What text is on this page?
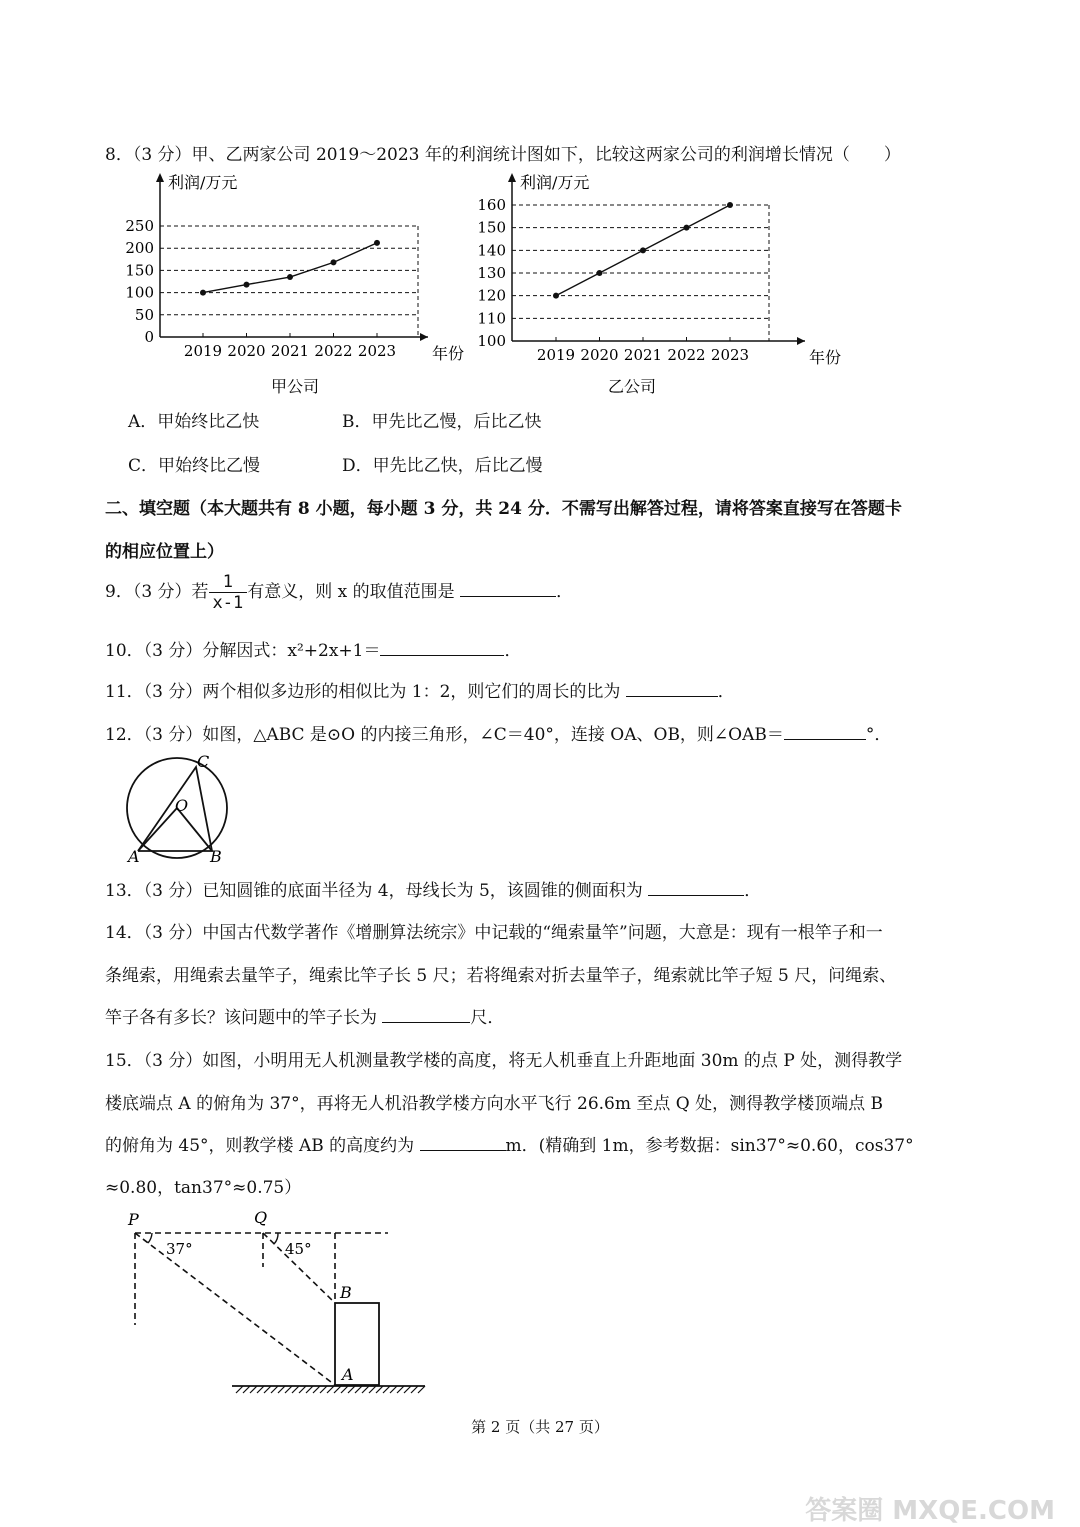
8．（3 分）甲、乙两家公司 2019～2023 年的利润统计图如下，比较这两家公司的利润增长情况（　　）
0
50
100
150
200
250
2019 2020 2021 2022 2023
利润/万元
年份
甲公司
100
110
120
130
140
150
160
2019 2020 2021 2022 2023
利润/万元
年份
乙公司
A．甲始终比乙快	B．甲先比乙慢，后比乙快
C．甲始终比乙慢	D．甲先比乙快，后比乙慢
二、填空题（本大题共有 8 小题，每小题 3 分，共 24 分．不需写出解答过程，请将答案直接写在答题卡
的相应位置上）
9．（3 分）若 $\frac{1}{x-1}$ 有意义，则 x 的取值范围是	．
10．（3 分）分解因式：x²+2x+1＝	．
11．（3 分）两个相似多边形的相似比为 1：2，则它们的周长的比为	．
12．（3 分）如图，△ABC 是⊙O 的内接三角形，∠C＝40°，连接 OA、OB，则∠OAB＝	°．
C
O
A	B
13．（3 分）已知圆锥的底面半径为 4，母线长为 5，该圆锥的侧面积为	．
14．（3 分）中国古代数学著作《增删算法统宗》中记载的“绳索量竿”问题，大意是：现有一根竿子和一
条绳索，用绳索去量竿子，绳索比竿子长 5 尺；若将绳索对折去量竿子，绳索就比竿子短 5 尺，问绳索、
竿子各有多长？该问题中的竿子长为	尺．
15．（3 分）如图，小明用无人机测量教学楼的高度，将无人机垂直上升距地面 30m 的点 P 处，测得教学
楼底端点 A 的俯角为 37°，再将无人机沿教学楼方向水平飞行 26.6m 至点 Q 处，测得教学楼顶端点 B
的俯角为 45°，则教学楼 AB 的高度约为	m．(精确到 1m，参考数据：sin37°≈0.60，cos37°
≈0.80，tan37°≈0.75）
P	Q
B
A
37°	45°
第 2 页（共 27 页）
答案圈 MXQE.COM
